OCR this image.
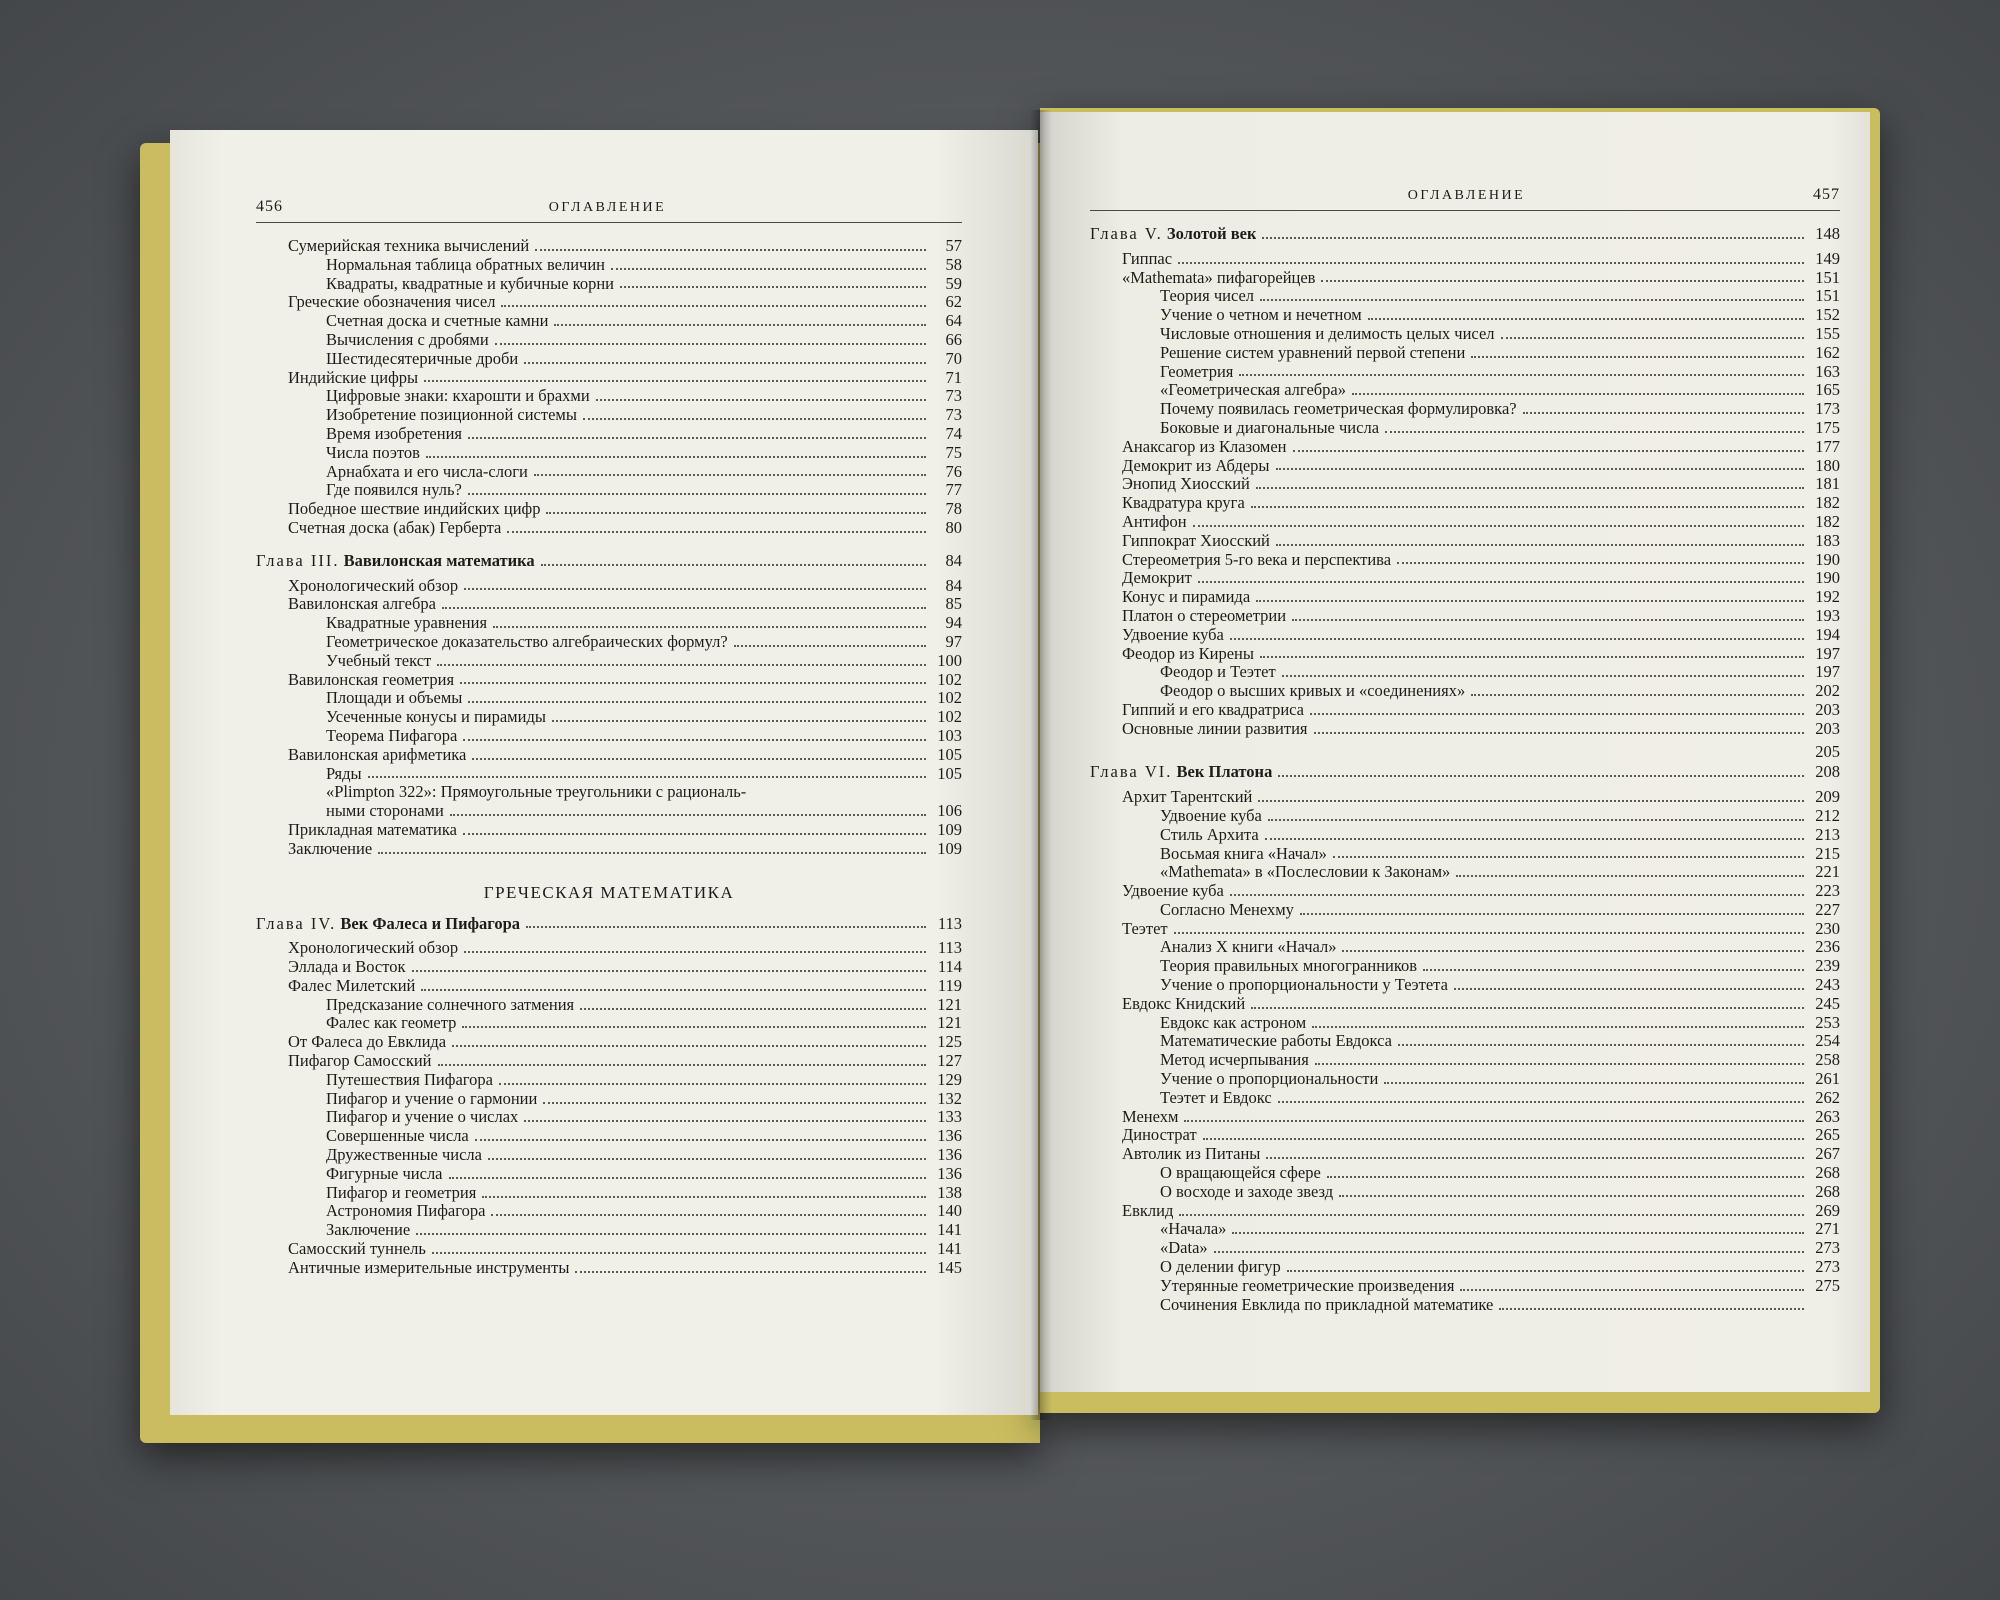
456	ОГЛАВЛЕНИЕ
Сумерийская техника вычислений	57
Нормальная таблица обратных величин	58
Квадраты, квадратные и кубичные корни	59
Греческие обозначения чисел	62
Счетная доска и счетные камни	64
Вычисления с дробями	66
Шестидесятеричные дроби	70
Индийские цифры	71
Цифровые знаки: кхарошти и брахми	73
Изобретение позиционной системы	73
Время изобретения	74
Числа поэтов	75
Арнабхата и его числа-слоги	76
Где появился нуль?	77
Победное шествие индийских цифр	78
Счетная доска (абак) Герберта	80
Глава III. Вавилонская математика	84
Хронологический обзор	84
Вавилонская алгебра	85
Квадратные уравнения	94
Геометрическое доказательство алгебраических формул?	97
Учебный текст	100
Вавилонская геометрия	102
Площади и объемы	102
Усеченные конусы и пирамиды	102
Теорема Пифагора	103
Вавилонская арифметика	105
Ряды	105
«Plimpton 322»: Прямоугольные треугольники с рациональ-
ными сторонами	106
Прикладная математика	109
Заключение	109
ГРЕЧЕСКАЯ МАТЕМАТИКА
Глава IV. Век Фалеса и Пифагора	113
Хронологический обзор	113
Эллада и Восток	114
Фалес Милетский	119
Предсказание солнечного затмения	121
Фалес как геометр	121
От Фалеса до Евклида	125
Пифагор Самосский	127
Путешествия Пифагора	129
Пифагор и учение о гармонии	132
Пифагор и учение о числах	133
Совершенные числа	136
Дружественные числа	136
Фигурные числа	136
Пифагор и геометрия	138
Астрономия Пифагора	140
Заключение	141
Самосский туннель	141
Античные измерительные инструменты	145
ОГЛАВЛЕНИЕ	457
Глава V. Золотой век	148
Гиппас	149
«Mathemata» пифагорейцев	151
Теория чисел	151
Учение о четном и нечетном	152
Числовые отношения и делимость целых чисел	155
Решение систем уравнений первой степени	162
Геометрия	163
«Геометрическая алгебра»	165
Почему появилась геометрическая формулировка?	173
Боковые и диагональные числа	175
Анаксагор из Клазомен	177
Демокрит из Абдеры	180
Энопид Хиосский	181
Квадратура круга	182
Антифон	182
Гиппократ Хиосский	183
Стереометрия 5-го века и перспектива	190
Демокрит	190
Конус и пирамида	192
Платон о стереометрии	193
Удвоение куба	194
Феодор из Кирены	197
Феодор и Теэтет	197
Феодор о высших кривых и «соединениях»	202
Гиппий и его квадратриса	203
Основные линии развития	203
205
Глава VI. Век Платона	208
Архит Тарентский	209
Удвоение куба	212
Стиль Архита	213
Восьмая книга «Начал»	215
«Mathemata» в «Послесловии к Законам»	221
Удвоение куба	223
Согласно Менехму	227
Теэтет	230
Анализ X книги «Начал»	236
Теория правильных многогранников	239
Учение о пропорциональности у Теэтета	243
Евдокс Книдский	245
Евдокс как астроном	253
Математические работы Евдокса	254
Метод исчерпывания	258
Учение о пропорциональности	261
Теэтет и Евдокс	262
Менехм	263
Динострат	265
Автолик из Питаны	267
О вращающейся сфере	268
О восходе и заходе звезд	268
Евклид	269
«Начала»	271
«Data»	273
О делении фигур	273
Утерянные геометрические произведения	275
Сочинения Евклида по прикладной математике
